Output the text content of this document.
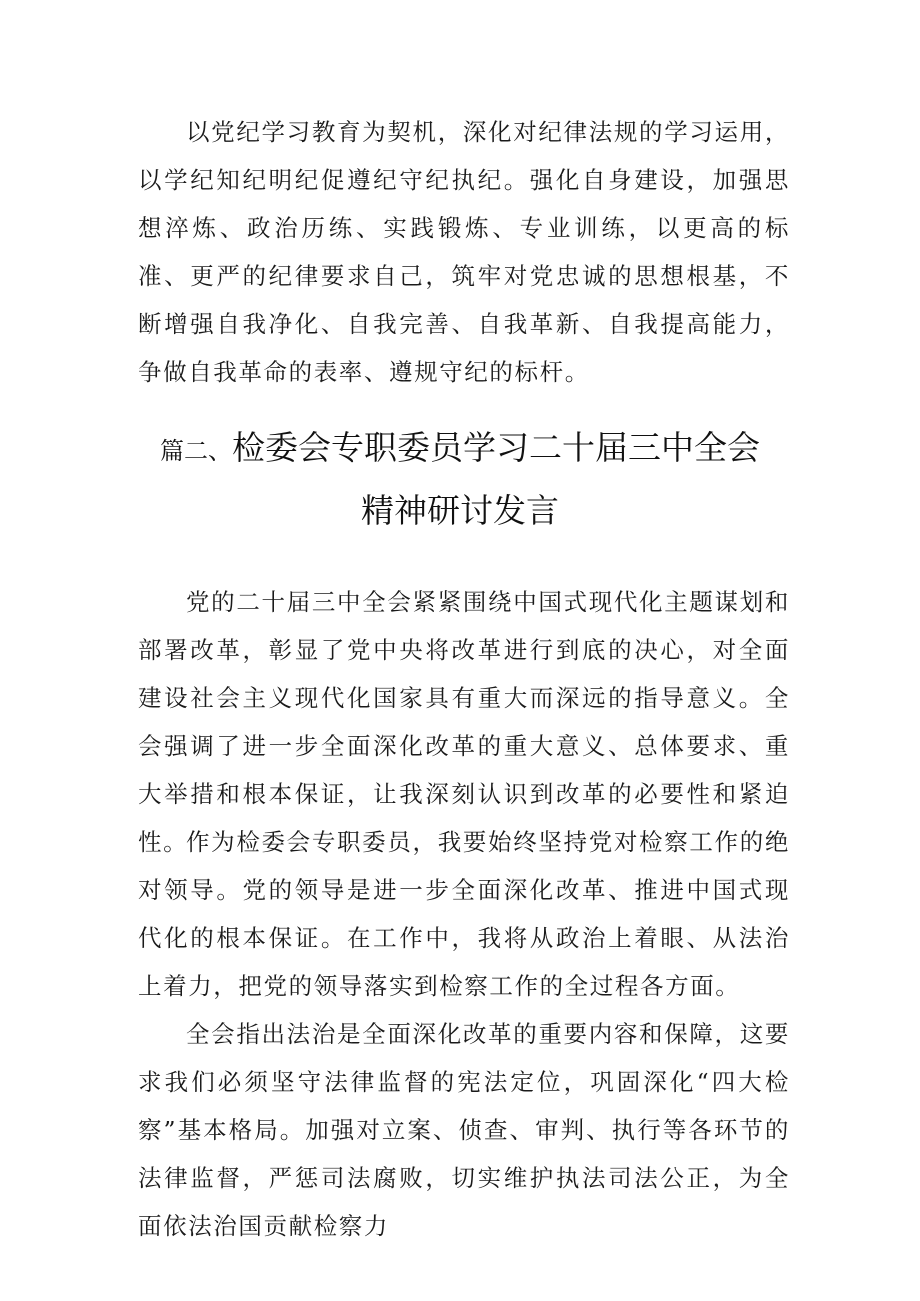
以党纪学习教育为契机，深化对纪律法规的学习运用，以学纪知纪明纪促遵纪守纪执纪。强化自身建设，加强思想淬炼、政治历练、实践锻炼、专业训练，以更高的标准、更严的纪律要求自己，筑牢对党忠诚的思想根基，不断增强自我净化、自我完善、自我革新、自我提高能力，争做自我革命的表率、遵规守纪的标杆。

篇二、检委会专职委员学习二十届三中全会
精神研讨发言

党的二十届三中全会紧紧围绕中国式现代化主题谋划和部署改革，彰显了党中央将改革进行到底的决心，对全面建设社会主义现代化国家具有重大而深远的指导意义。全会强调了进一步全面深化改革的重大意义、总体要求、重大举措和根本保证，让我深刻认识到改革的必要性和紧迫性。

作为检委会专职委员，我要始终坚持党对检察工作的绝对领导。党的领导是进一步全面深化改革、推进中国式现代化的根本保证。在工作中，我将从政治上着眼、从法治上着力，把党的领导落实到检察工作的全过程各方面。

全会指出法治是全面深化改革的重要内容和保障，这要求我们必须坚守法律监督的宪法定位，巩固深化“四大检察”基本格局。加强对立案、侦查、审判、执行等各环节的法律监督，严惩司法腐败，切实维护执法司法公正，为全面依法治国贡献检察力
